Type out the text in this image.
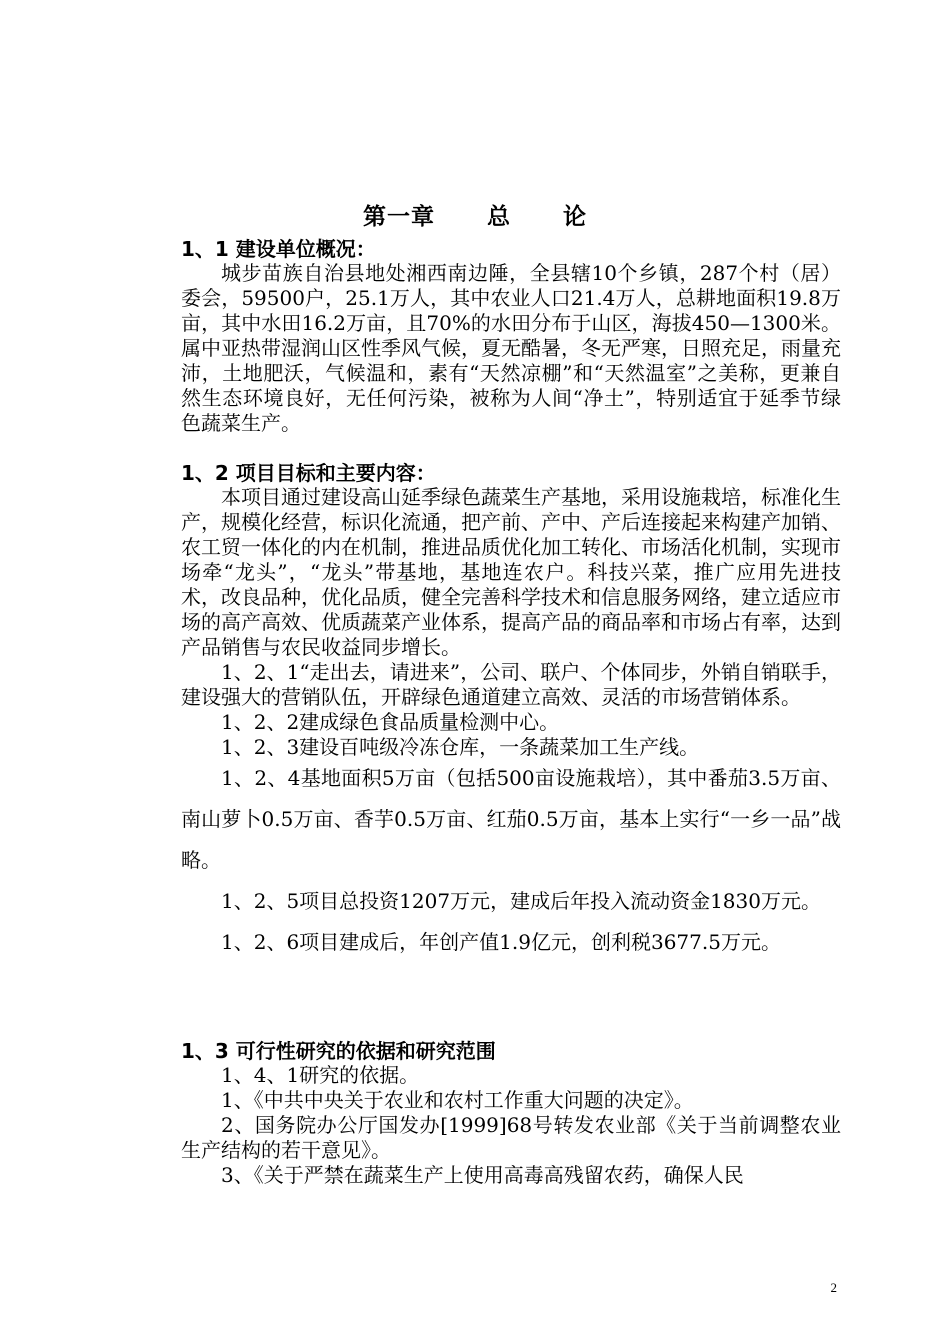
第一章 总 论

1、1 建设单位概况：

城步苗族自治县地处湘西南边陲，全县辖10个乡镇，287个村（居）委会，59500户，25.1万人，其中农业人口21.4万人，总耕地面积19.8万亩，其中水田16.2万亩，且70%的水田分布于山区，海拔450—1300米。属中亚热带湿润山区性季风气候，夏无酷暑，冬无严寒，日照充足，雨量充沛，土地肥沃，气候温和，素有“天然凉棚”和“天然温室”之美称，更兼自然生态环境良好，无任何污染，被称为人间“净土”，特别适宜于延季节绿色蔬菜生产。

1、2 项目目标和主要内容：

本项目通过建设高山延季绿色蔬菜生产基地，采用设施栽培，标准化生产，规模化经营，标识化流通，把产前、产中、产后连接起来构建产加销、农工贸一体化的内在机制，推进品质优化加工转化、市场活化机制，实现市场牵“龙头”，“龙头”带基地，基地连农户。科技兴菜，推广应用先进技术，改良品种，优化品质，健全完善科学技术和信息服务网络，建立适应市场的高产高效、优质蔬菜产业体系，提高产品的商品率和市场占有率，达到产品销售与农民收益同步增长。

1、2、1“走出去，请进来”，公司、联户、个体同步，外销自销联手，建设强大的营销队伍，开辟绿色通道建立高效、灵活的市场营销体系。

1、2、2建成绿色食品质量检测中心。

1、2、3建设百吨级冷冻仓库，一条蔬菜加工生产线。

1、2、4基地面积5万亩（包括500亩设施栽培），其中番茄3.5万亩、南山萝卜0.5万亩、香芋0.5万亩、红茄0.5万亩，基本上实行“一乡一品”战略。

1、2、5项目总投资1207万元，建成后年投入流动资金1830万元。

1、2、6项目建成后，年创产值1.9亿元，创利税3677.5万元。

1、3 可行性研究的依据和研究范围

1、4、1研究的依据。

1、《中共中央关于农业和农村工作重大问题的决定》。

2、国务院办公厅国发办[1999]68号转发农业部《关于当前调整农业生产结构的若干意见》。

3、《关于严禁在蔬菜生产上使用高毒高残留农药，确保人民

2
